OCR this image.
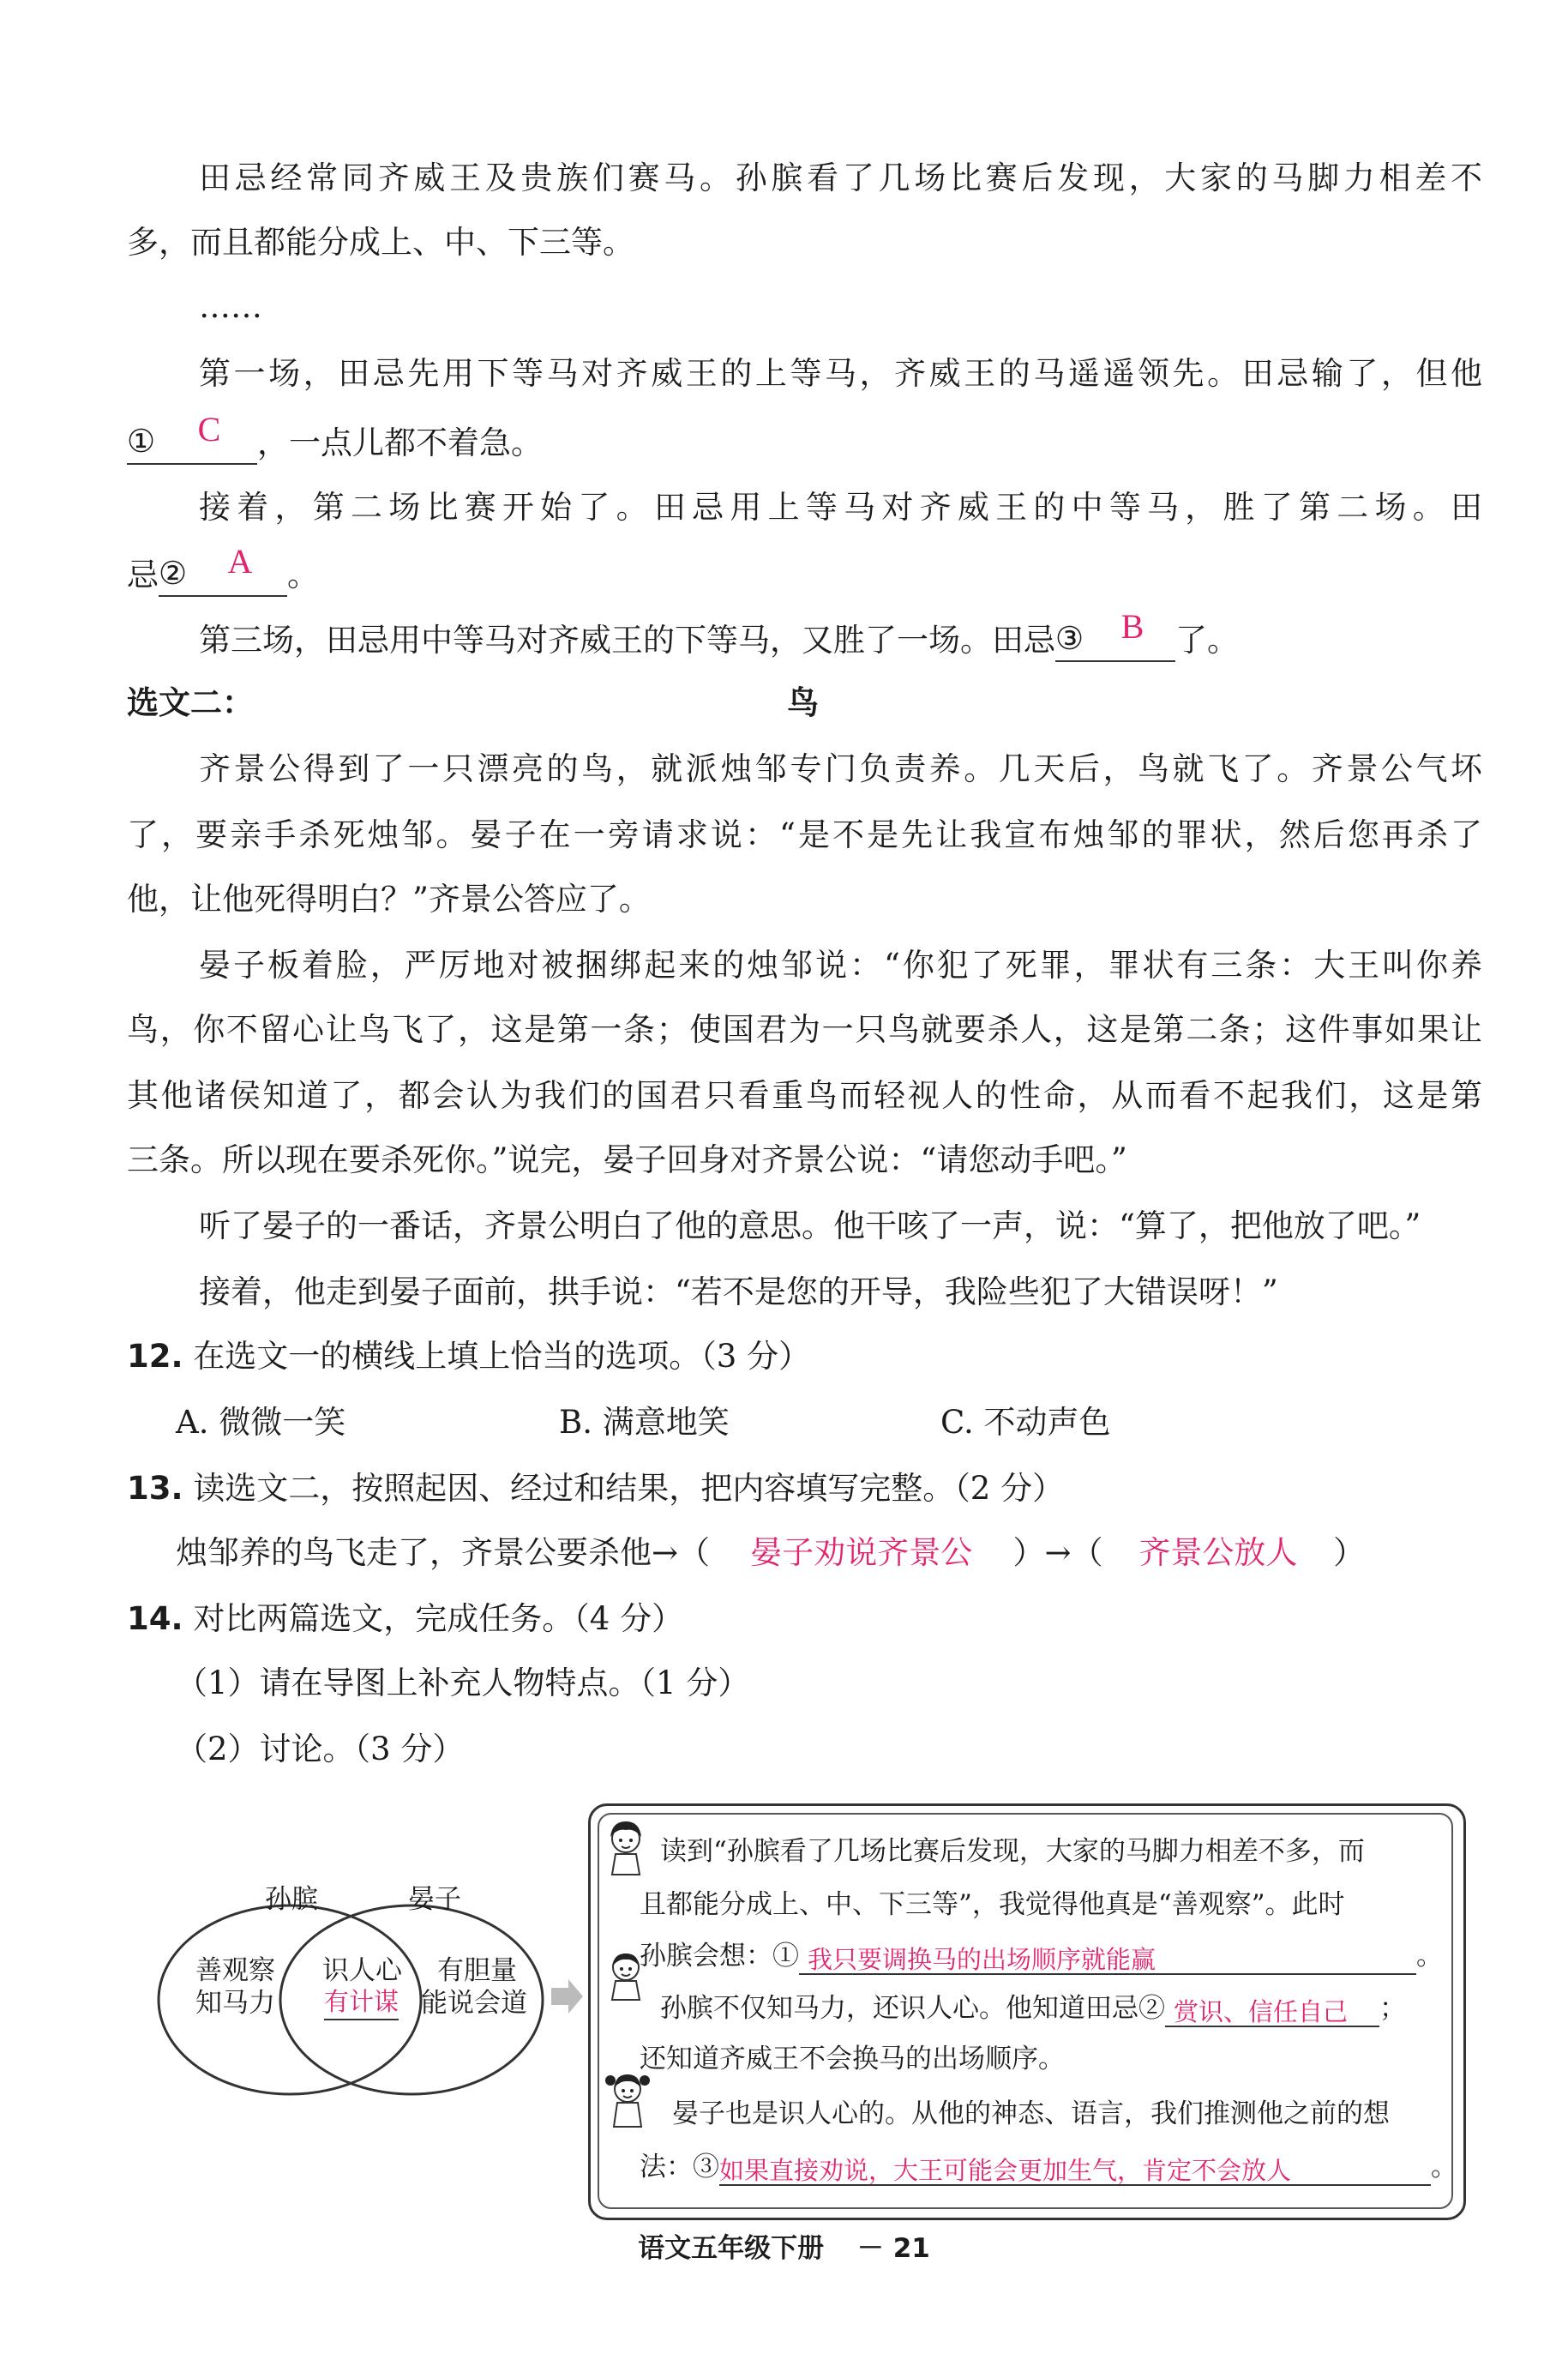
田忌经常同齐威王及贵族们赛马。孙膑看了几场比赛后发现，大家的马脚力相差不
多，而且都能分成上、中、下三等。
……
第一场，田忌先用下等马对齐威王的上等马，齐威王的马遥遥领先。田忌输了，但他
①	C	，一点儿都不着急。
接着，第二场比赛开始了。田忌用上等马对齐威王的中等马，胜了第二场。田
忌 ②	A	。
第三场，田忌用中等马对齐威王的下等马，又胜了一场。田忌 ③	B 了。
选文二：	鸟
齐景公得到了一只漂亮的鸟，就派烛邹专门负责养。几天后，鸟就飞了。齐景公气坏
了，要亲手杀死烛邹。晏子在一旁请求说：“是不是先让我宣布烛邹的罪状，然后您再杀了
他，让他死得明白？”齐景公答应了。
晏子板着脸，严厉地对被捆绑起来的烛邹说：“你犯了死罪，罪状有三条：大王叫你养
鸟，你不留心让鸟飞了，这是第一条；使国君为一只鸟就要杀人，这是第二条；这件事如果让
其他诸侯知道了，都会认为我们的国君只看重鸟而轻视人的性命，从而看不起我们，这是第
三条。所以现在要杀死你。”说完，晏子回身对齐景公说：“请您动手吧。”
听了晏子的一番话，齐景公明白了他的意思。他干咳了一声，说：“算了，把他放了吧。”
接着，他走到晏子面前，拱手说：“若不是您的开导，我险些犯了大错误呀！”
12. 在选文一的横线上填上恰当的选项。（3 分）
A. 微微一笑	B. 满意地笑	C. 不动声色
13. 读选文二，按照起因、经过和结果，把内容填写完整。（2 分）
烛邹养的鸟飞走了，齐景公要杀他→（ 晏子劝说齐景公 ）→（ 齐景公放人 ）
14. 对比两篇选文，完成任务。（4 分）
（1）请在导图上补充人物特点。（1 分）
（2）讨论。（3 分）
孙膑	晏子
善观察
知马力
识人心
有计谋
有胆量
能说会道
读到“孙膑看了几场比赛后发现，大家的马脚力相差不多，而
且都能分成上、中、下三等”，我觉得他真是“善观察”。此时
孙膑会想：① 我只要调换马的出场顺序就能赢	。
孙膑不仅知马力，还识人心。他知道田忌② 赏识、信任自己 ；
还知道齐威王不会换马的出场顺序。
晏子也是识人心的。从他的神态、语言，我们推测他之前的想
法：③ 如果直接劝说，大王可能会更加生气，肯定不会放人	。
语文五年级下册 － 21
